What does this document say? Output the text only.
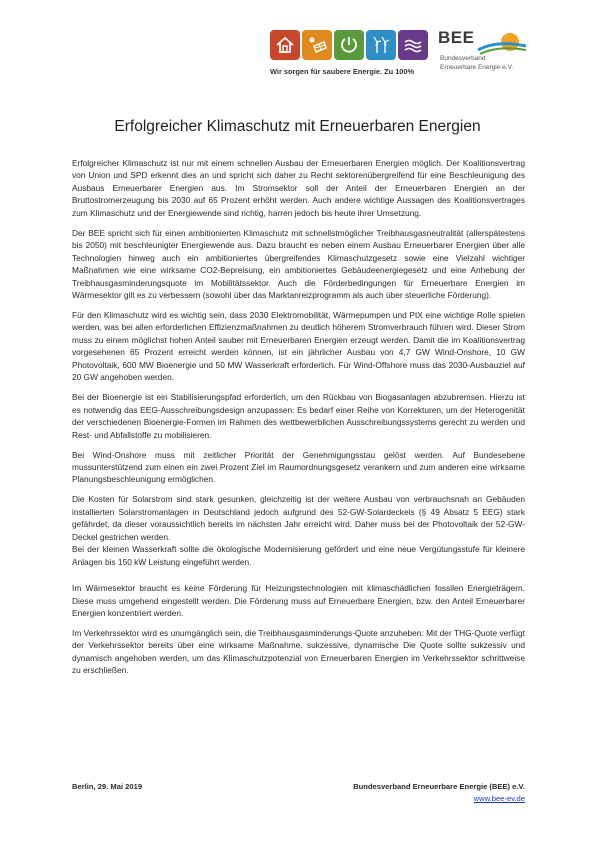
BEE
Bundesverband
Erneuerbare Energie e.V.
Wir sorgen für saubere Energie. Zu 100%
Erfolgreicher Klimaschutz mit Erneuerbaren Energien

Erfolgreicher Klimaschutz ist nur mit einem schnellen Ausbau der Erneuerbaren Energien möglich. Der Koalitionsvertrag von Union und SPD erkennt dies an und spricht sich daher zu Recht sektorenübergreifend für eine Beschleunigung des Ausbaus Erneuerbarer Energien aus. Im Stromsektor soll der Anteil der Erneuerbaren Energien an der Bruttostromerzeugung bis 2030 auf 65 Prozent erhöht werden. Auch andere wichtige Aussagen des Koalitionsvertrages zum Klimaschutz und der Energiewende sind richtig, harren jedoch bis heute ihrer Umsetzung.

Der BEE spricht sich für einen ambitionierten Klimaschutz mit schnellstmöglicher Treibhausgasneutralität (allerspätestens bis 2050) mit beschleunigter Energiewende aus. Dazu braucht es neben einem Ausbau Erneuerbarer Energien über alle Technologien hinweg auch ein ambitioniertes übergreifendes Klimaschutzgesetz sowie eine Vielzahl wichtiger Maßnahmen wie eine wirksame CO2-Bepreisung, ein ambitioniertes Gebäudeenergiegesetz und eine Anhebung der Treibhausgasminderungsquote im Mobilitätssektor. Auch die Förderbedingungen für Erneuerbare Energien im Wärmesektor gilt es zu verbessern (sowohl über das Marktanreizprogramm als auch über steuerliche Förderung).

Für den Klimaschutz wird es wichtig sein, dass 2030 Elektromobilität, Wärmepumpen und PtX eine wichtige Rolle spielen werden, was bei allen erforderlichen Effizienzmaßnahmen zu deutlich höherem Stromverbrauch führen wird. Dieser Strom muss zu einem möglichst hohen Anteil sauber mit Erneuerbaren Energien erzeugt werden. Damit die im Koalitionsvertrag vorgesehenen 65 Prozent erreicht werden können, ist ein jährlicher Ausbau von 4,7 GW Wind-Onshore, 10 GW Photovoltaik, 600 MW Bioenergie und 50 MW Wasserkraft erforderlich. Für Wind-Offshore muss das 2030-Ausbauziel auf 20 GW angehoben werden.

Bei der Bioenergie ist ein Stabilisierungspfad erforderlich, um den Rückbau von Biogasanlagen abzubremsen. Hierzu ist es notwendig das EEG-Ausschreibungsdesign anzupassen: Es bedarf einer Reihe von Korrekturen, um der Heterogenität der verschiedenen Bioenergie-Formen im Rahmen des wettbewerblichen Ausschreibungssystems gerecht zu werden und Rest- und Abfallstoffe zu mobilisieren.

Bei Wind-Onshore muss mit zeitlicher Priorität der Genehmigungsstau gelöst werden. Auf Bundesebene mussunterstützend zum einen ein zwei Prozent Ziel im Raumordnungsgesetz verankern und zum anderen eine wirksame Planungsbeschleunigung ermöglichen.

Die Kosten für Solarstrom sind stark gesunken, gleichzeitig ist der weitere Ausbau von verbrauchsnah an Gebäuden installierten Solarstromanlagen in Deutschland jedoch aufgrund des 52-GW-Solardeckels (§ 49 Absatz 5 EEG) stark gefährdet, da dieser voraussichtlich bereits im nächsten Jahr erreicht wird. Daher muss bei der Photovoltaik der 52-GW-Deckel gestrichen werden.

Bei der kleinen Wasserkraft sollte die ökologische Modernisierung gefördert und eine neue Vergütungsstufe für kleinere Anlagen bis 150 kW Leistung eingeführt werden.

Im Wärmesektor braucht es keine Förderung für Heizungstechnologien mit klimaschädlichen fossilen Energieträgern. Diese muss umgehend eingestellt werden. Die Förderung muss auf Erneuerbare Energien, bzw. den Anteil Erneuerbarer Energien konzentriert werden.

Im Verkehrssektor wird es unumgänglich sein, die Treibhausgasminderungs-Quote anzuheben: Mit der THG-Quote verfügt der Verkehrssektor bereits über eine wirksame Maßnahme. sukzessive, dynamische Die Quote sollte sukzessiv und dynamisch angehoben werden, um das Klimaschutzpotenzial von Erneuerbaren Energien im Verkehrssektor schrittweise zu erschließen.

Berlin, 29. Mai 2019	Bundesverband Erneuerbare Energie (BEE) e.V.
www.bee-ev.de
